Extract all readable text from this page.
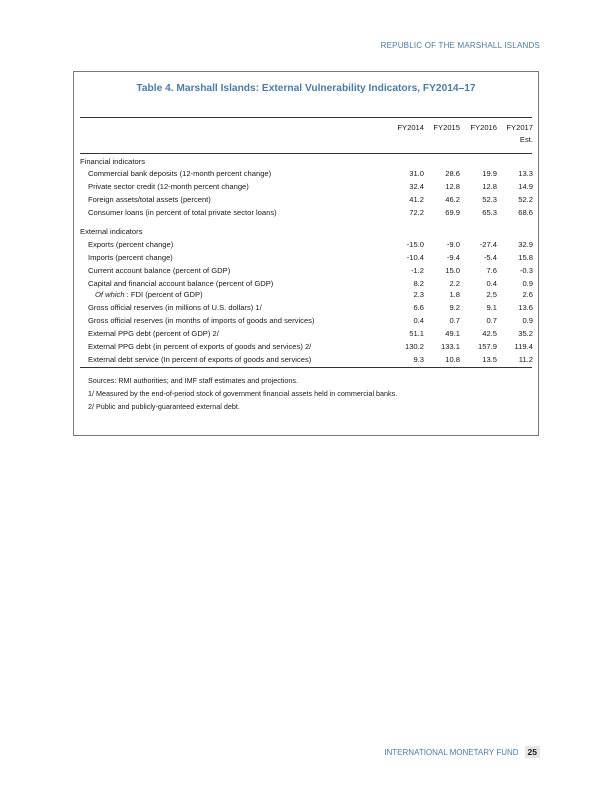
REPUBLIC OF THE MARSHALL ISLANDS
Table 4. Marshall Islands: External Vulnerability Indicators, FY2014–17
FY2014	FY2015	FY2016	FY2017
Est.
Financial indicators
Commercial bank deposits (12-month percent change)	31.0	28.6	19.9	13.3
Private sector credit (12-month percent change)	32.4	12.8	12.8	14.9
Foreign assets/total assets (percent)	41.2	46.2	52.3	52.2
Consumer loans (in percent of total private sector loans)	72.2	69.9	65.3	68.6
External indicators
Exports (percent change)	-15.0	-9.0	-27.4	32.9
Imports (percent change)	-10.4	-9.4	-5.4	15.8
Current account balance (percent of GDP)	-1.2	15.0	7.6	-0.3
Capital and financial account balance (percent of GDP)	8.2	2.2	0.4	0.9
Of which : FDI (percent of GDP)	2.3	1.8	2.5	2.6
Gross official reserves (in millions of U.S. dollars) 1/	6.6	9.2	9.1	13.6
Gross official reserves (in months of imports of goods and services)	0.4	0.7	0.7	0.9
External PPG debt (percent of GDP) 2/	51.1	49.1	42.5	35.2
External PPG debt (in percent of exports of goods and services) 2/	130.2	133.1	157.9	119.4
External debt service (In percent of exports of goods and services)	9.3	10.8	13.5	11.2
Sources: RMI authorities; and IMF staff estimates and projections.
1/ Measured by the end-of-period stock of government financial assets held in commercial banks.
2/ Public and publicly-guaranteed external debt.
INTERNATIONAL MONETARY FUND	25
